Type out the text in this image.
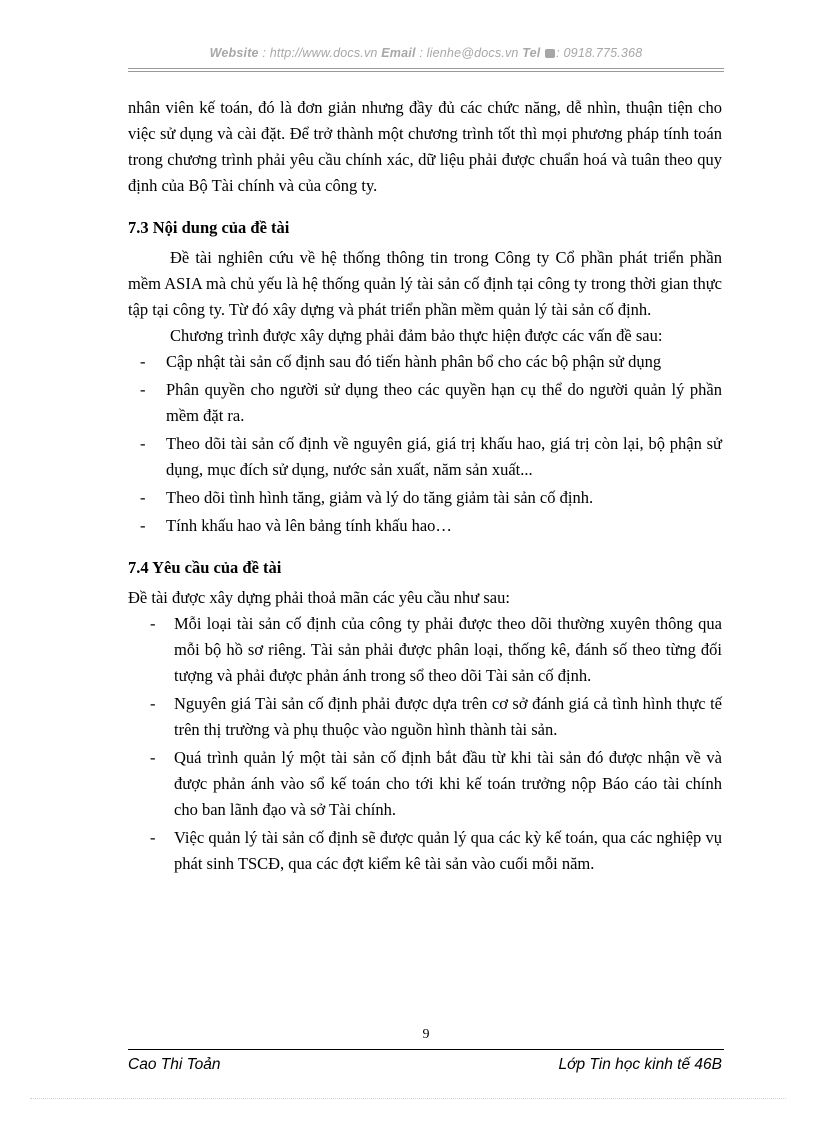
Website : http://www.docs.vn Email : lienhe@docs.vn Tel : 0918.775.368

nhân viên kế toán, đó là đơn giản nhưng đầy đủ các chức năng, dễ nhìn, thuận tiện cho việc sử dụng và cài đặt. Để trở thành một chương trình tốt thì mọi phương pháp tính toán trong chương trình phải yêu cầu chính xác, dữ liệu phải được chuẩn hoá và tuân theo quy định của Bộ Tài chính và của công ty.

7.3 Nội dung của đề tài

Đề tài nghiên cứu về hệ thống thông tin trong Công ty Cổ phần phát triển phần mềm ASIA mà chủ yếu là hệ thống quản lý tài sản cố định tại công ty trong thời gian thực tập tại công ty. Từ đó xây dựng và phát triển phần mềm quản lý tài sản cố định.

Chương trình được xây dựng phải đảm bảo thực hiện được các vấn đề sau:

- Cập nhật tài sản cố định sau đó tiến hành phân bổ cho các bộ phận sử dụng
- Phân quyền cho người sử dụng theo các quyền hạn cụ thể do người quản lý phần mềm đặt ra.
- Theo dõi tài sản cố định về nguyên giá, giá trị khấu hao, giá trị còn lại, bộ phận sử dụng, mục đích sử dụng, nước sản xuất, năm sản xuất...
- Theo dõi tình hình tăng, giảm và lý do tăng giảm tài sản cố định.
- Tính khấu hao và lên bảng tính khấu hao…
7.4 Yêu cầu của đề tài

Đề tài được xây dựng phải thoả mãn các yêu cầu như sau:

- Mỗi loại tài sản cố định của công ty phải được theo dõi thường xuyên thông qua mỗi bộ hồ sơ riêng. Tài sản phải được phân loại, thống kê, đánh số theo từng đối tượng và phải được phản ánh trong sổ theo dõi Tài sản cố định.
- Nguyên giá Tài sản cố định phải được dựa trên cơ sở đánh giá cả tình hình thực tế trên thị trường và phụ thuộc vào nguồn hình thành tài sản.
- Quá trình quản lý một tài sản cố định bắt đầu từ khi tài sản đó được nhận về và được phản ánh vào sổ kế toán cho tới khi kế toán trưởng nộp Báo cáo tài chính cho ban lãnh đạo và sở Tài chính.
- Việc quản lý tài sản cố định sẽ được quản lý qua các kỳ kế toán, qua các nghiệp vụ phát sinh TSCĐ, qua các đợt kiểm kê tài sản vào cuối mỗi năm.
9
Cao Thi Toản	Lớp Tin học kinh tế 46B
